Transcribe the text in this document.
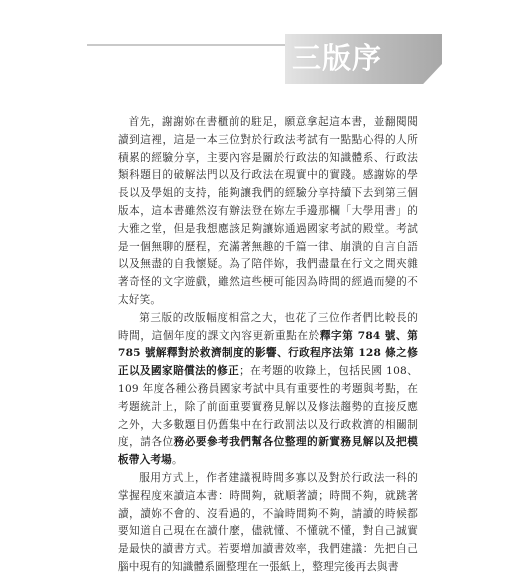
三版序

首先，謝謝妳在書櫃前的駐足，願意拿起這本書，並翻閱閱讀到這裡，這是一本三位對於行政法考試有一點點心得的人所積累的經驗分享，主要內容是關於行政法的知識體系、行政法類科題目的破解法門以及行政法在現實中的實踐。感謝妳的學長以及學姐的支持，能夠讓我們的經驗分享持續下去到第三個版本，這本書雖然沒有辦法登在妳左手邊那欄「大學用書」的大雅之堂，但是我想應該足夠讓妳通過國家考試的殿堂。考試是一個無聊的歷程，充滿著無趣的千篇一律、崩潰的自言自語以及無盡的自我懷疑。為了陪伴妳，我們盡量在行文之間夾雜著奇怪的文字遊戲，雖然這些梗可能因為時間的經過而變的不太好笑。

第三版的改版幅度相當之大，也花了三位作者們比較長的時間，這個年度的課文內容更新重點在於釋字第 784 號、第 785 號解釋對於救濟制度的影響、行政程序法第 128 條之修正以及國家賠償法的修正；在考題的收錄上，包括民國 108、109 年度各種公務員國家考試中具有重要性的考題與考點，在考題統計上，除了前面重要實務見解以及修法趨勢的直接反應之外，大多數題目仍舊集中在行政罰法以及行政救濟的相關制度，請各位務必要參考我們幫各位整理的新實務見解以及把模板帶入考場。

服用方式上，作者建議視時間多寡以及對於行政法一科的掌握程度來讀這本書：時間夠，就順著讀；時間不夠，就跳著讀，讀妳不會的、沒看過的，不論時間夠不夠，請讀的時候都要知道自己現在在讀什麼，儘就懂、不懂就不懂，對自己誠實是最快的讀書方式。若要增加讀書效率，我們建議：先把自己腦中現有的知識體系圖整理在一張紙上，整理完後再去與書
